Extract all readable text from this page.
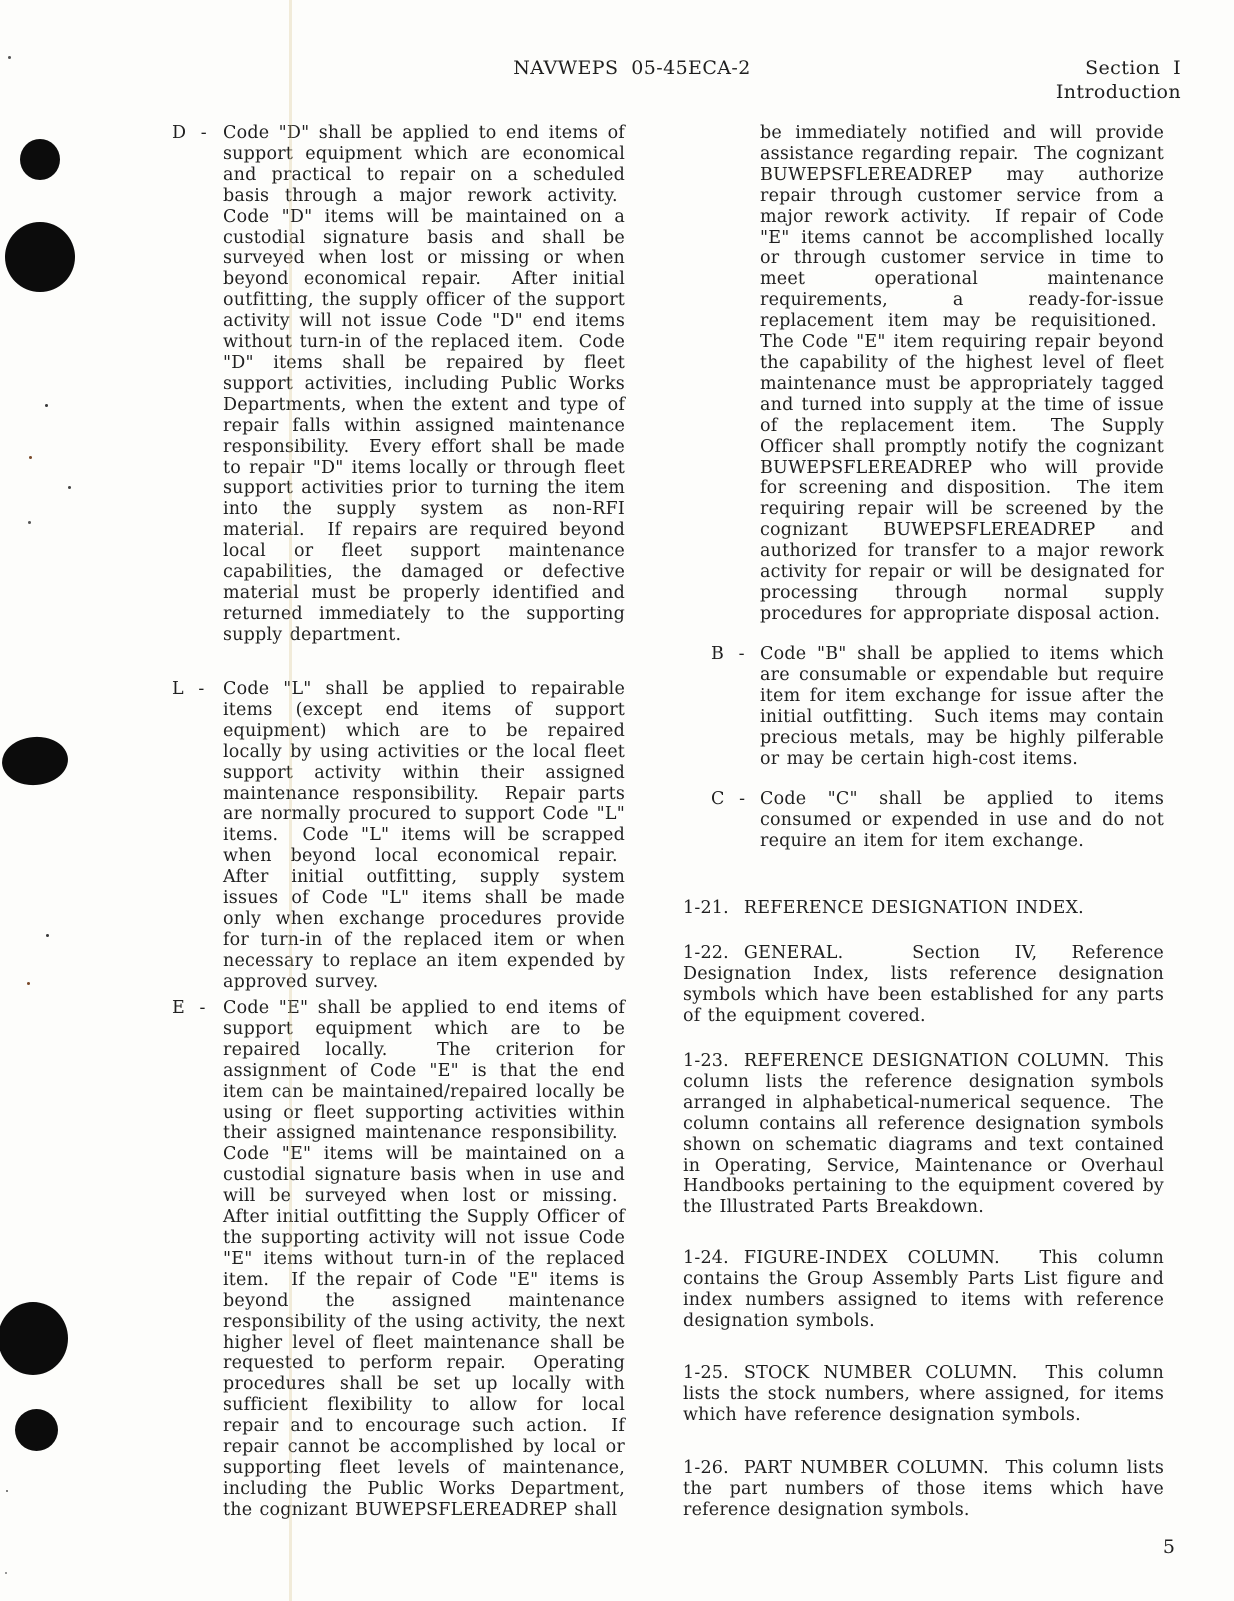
NAVWEPS  05-45ECA-2	Section  I
Introduction
D  - Code "D" shall be applied to end items of support equipment which are economical and practical to repair on a scheduled basis through a major rework activity.  Code "D" items will be maintained on a custodial signature basis and shall be surveyed when lost or missing or when beyond economical repair.  After initial outfitting, the supply officer of the support activity will not issue Code "D" end items without turn-in of the replaced item.  Code "D" items shall be repaired by fleet support activities, including Public Works Departments, when the extent and type of repair falls within assigned maintenance responsibility.  Every effort shall be made to repair "D" items locally or through fleet support activities prior to turning the item into the supply system as non-RFI material.  If repairs are required beyond local or fleet support maintenance capabilities, the damaged or defective material must be properly identified and returned immediately to the supporting supply department.
L  - Code "L" shall be applied to repairable items (except end items of support equipment) which are to be repaired locally by using activities or the local fleet support activity within their assigned maintenance responsibility.  Repair parts are normally procured to support Code "L" items.  Code "L" items will be scrapped when beyond local economical repair.  After initial outfitting, supply system issues of Code "L" items shall be made only when exchange procedures provide for turn-in of the replaced item or when necessary to replace an item expended by approved survey.
E  - Code "E" shall be applied to end items of support equipment which are to be repaired locally.  The criterion for assignment of Code "E" is that the end item can be maintained/repaired locally be using or fleet supporting activities within their assigned maintenance responsibility.  Code "E" items will be maintained on a custodial signature basis when in use and will be surveyed when lost or missing.  After initial outfitting the Supply Officer of the supporting activity will not issue Code "E" items without turn-in of the replaced item.  If the repair of Code "E" items is beyond the assigned maintenance responsibility of the using activity, the next higher level of fleet maintenance shall be requested to perform repair.  Operating procedures shall be set up locally with sufficient flexibility to allow for local repair and to encourage such action.  If repair cannot be accomplished by local or supporting fleet levels of maintenance, including the Public Works Department, the cognizant BUWEPSFLEREADREP shall
be immediately notified and will provide assistance regarding repair.  The cognizant BUWEPSFLEREADREP may authorize repair through customer service from a major rework activity.  If repair of Code "E" items cannot be accomplished locally or through customer service in time to meet operational maintenance requirements, a ready-for-issue replacement item may be requisitioned.  The Code "E" item requiring repair beyond the capability of the highest level of fleet maintenance must be appropriately tagged and turned into supply at the time of issue of the replacement item.  The Supply Officer shall promptly notify the cognizant BUWEPSFLEREADREP who will provide for screening and disposition.  The item requiring repair will be screened by the cognizant BUWEPSFLEREADREP and authorized for transfer to a major rework activity for repair or will be designated for processing through normal supply procedures for appropriate disposal action.
B  - Code "B" shall be applied to items which are consumable or expendable but require item for item exchange for issue after the initial outfitting.  Such items may contain precious metals, may be highly pilferable or may be certain high-cost items.
C  - Code "C" shall be applied to items consumed or expended in use and do not require an item for item exchange.
1-21. REFERENCE DESIGNATION INDEX.
1-22. GENERAL.  Section IV, Reference Designation Index, lists reference designation symbols which have been established for any parts of the equipment covered.
1-23. REFERENCE DESIGNATION COLUMN.  This column lists the reference designation symbols arranged in alphabetical-numerical sequence.  The column contains all reference designation symbols shown on schematic diagrams and text contained in Operating, Service, Maintenance or Overhaul Handbooks pertaining to the equipment covered by the Illustrated Parts Breakdown.
1-24. FIGURE-INDEX COLUMN.  This column contains the Group Assembly Parts List figure and index numbers assigned to items with reference designation symbols.
1-25. STOCK NUMBER COLUMN.  This column lists the stock numbers, where assigned, for items which have reference designation symbols.
1-26. PART NUMBER COLUMN.  This column lists the part numbers of those items which have reference designation symbols.
5
